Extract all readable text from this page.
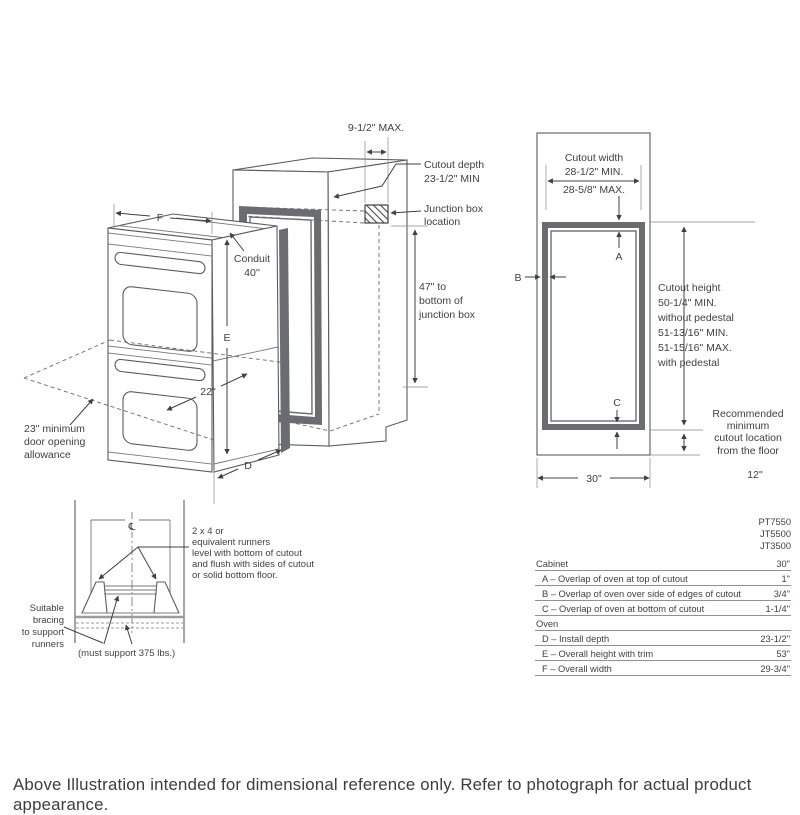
9-1/2" MAX.
Cutout depth
23-1/2" MIN
Junction box
location
47" to
bottom of
junction box
F
E
22"
D
Conduit
40''
23" minimum
door opening
allowance
Cutout width
28-1/2" MIN.
28-5/8" MAX.
A
B
C
Cutout height
50-1/4" MIN.
without pedestal
51-13/16" MIN.
51-15/16" MAX.
with pedestal
Recommended
minimum
cutout location
from the floor
12"
30"
℄	2 x 4 or
equivalent runners
level with bottom of cutout
and flush with sides of cutout
or solid bottom floor.
(must support 375 lbs.)
Suitable
bracing
to support
runners
PT7550
JT5500
JT3500
Cabinet	30"
A – Overlap of oven at top of cutout	1"
B – Overlap of oven over side of edges of cutout	3/4"
C – Overlap of oven at bottom of cutout	1-1/4"
Oven
D – Install depth	23-1/2"
E – Overall height with trim	53"
F – Overall width	29-3/4"
Above Illustration intended for dimensional reference only. Refer to photograph for actual product appearance.
